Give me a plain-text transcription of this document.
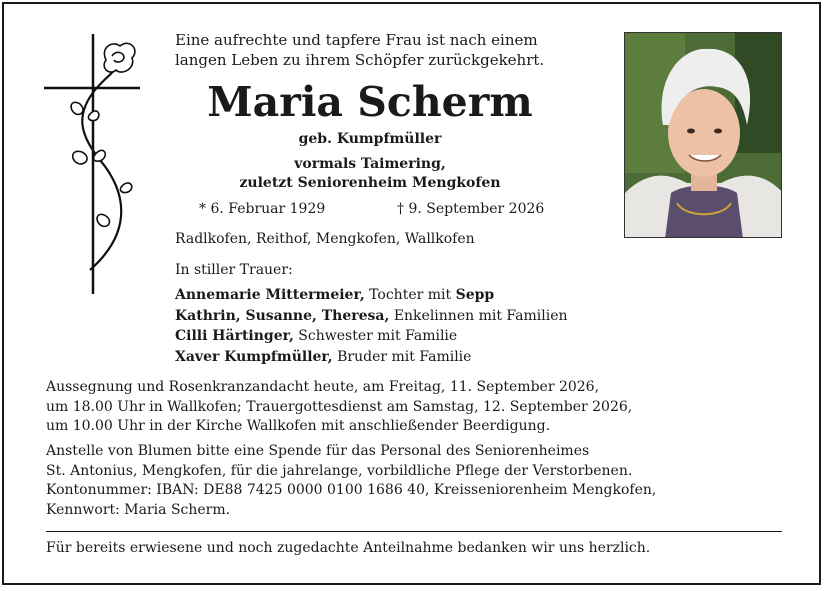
Eine aufrechte und tapfere Frau ist nach einem
langen Leben zu ihrem Schöpfer zurückgekehrt.
Maria Scherm
geb. Kumpfmüller
vormals Taimering,
zuletzt Seniorenheim Mengkofen
* 6. Februar 1929	† 9. September 2026
Radlkofen, Reithof, Mengkofen, Wallkofen
In stiller Trauer:
Annemarie Mittermeier, Tochter mit Sepp
Kathrin, Susanne, Theresa, Enkelinnen mit Familien
Cilli Härtinger, Schwester mit Familie
Xaver Kumpfmüller, Bruder mit Familie
Aussegnung und Rosenkranzandacht heute, am Freitag, 11. September 2026,
um 18.00 Uhr in Wallkofen; Trauergottesdienst am Samstag, 12. September 2026,
um 10.00 Uhr in der Kirche Wallkofen mit anschließender Beerdigung.
Anstelle von Blumen bitte eine Spende für das Personal des Seniorenheimes
St. Antonius, Mengkofen, für die jahrelange, vorbildliche Pflege der Verstorbenen.
Kontonummer: IBAN: DE88 7425 0000 0100 1686 40, Kreisseniorenheim Mengkofen,
Kennwort: Maria Scherm.
Für bereits erwiesene und noch zugedachte Anteilnahme bedanken wir uns herzlich.
